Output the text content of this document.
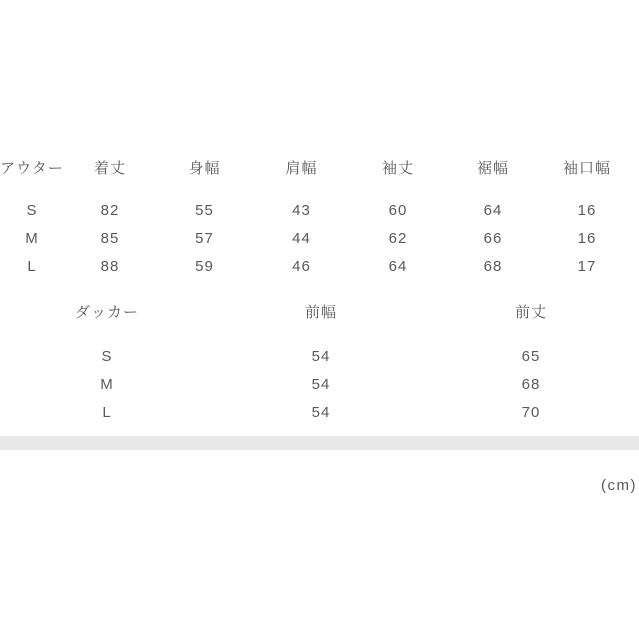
アウター	着丈	身幅	肩幅	袖丈	裾幅	袖口幅
S	82	55	43	60	64	16
M	85	57	44	62	66	16
L	88	59	46	64	68	17
ダッカー	前幅	前丈
S	54	65
M	54	68
L	54	70
(cm)
